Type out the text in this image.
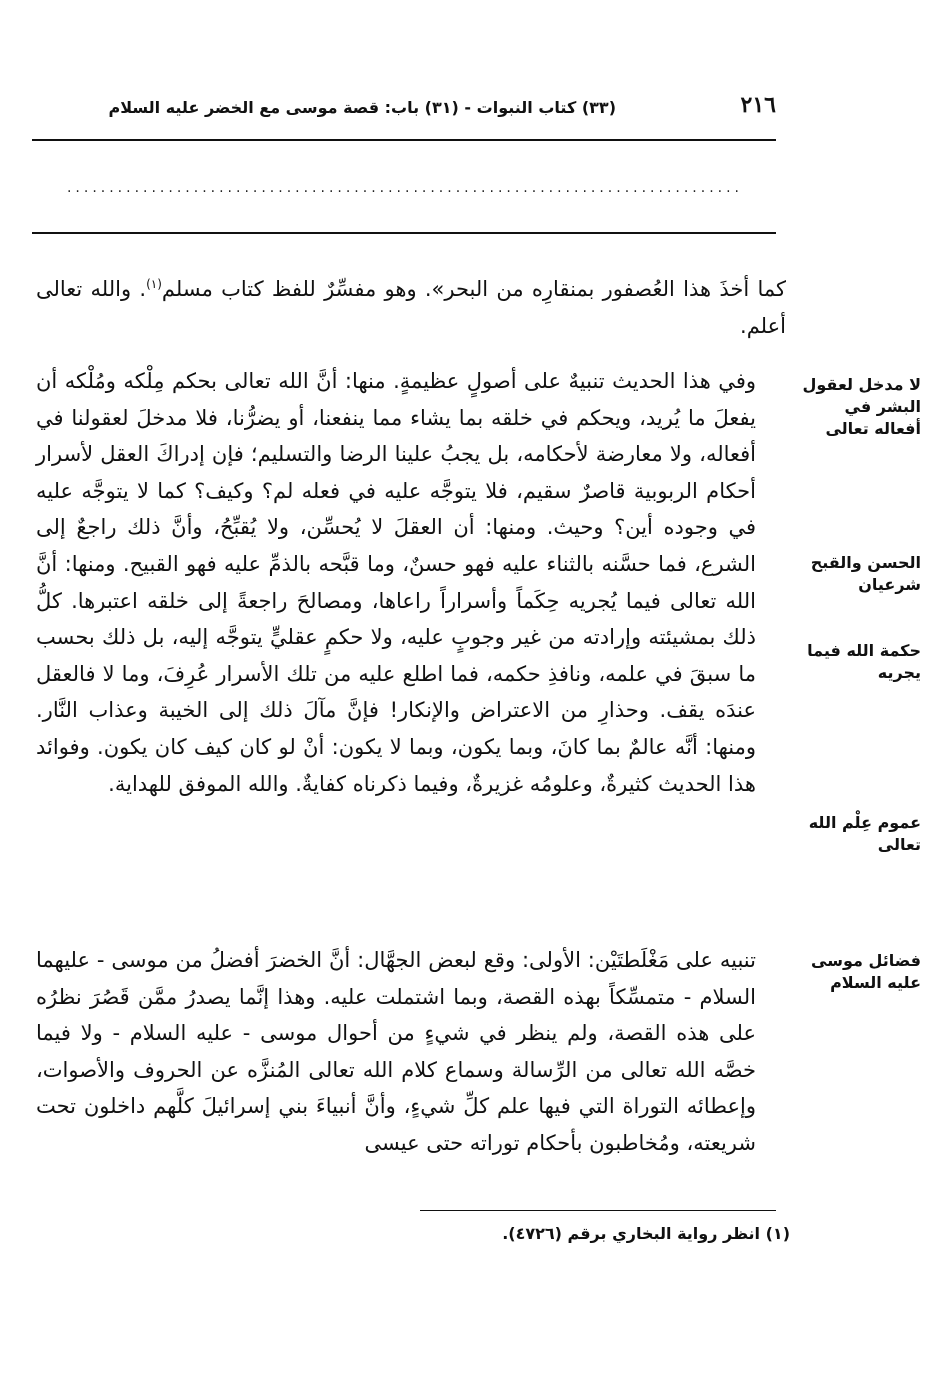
٢١٦
(٣٣) كتاب النبوات - (٣١) باب: قصة موسى مع الخضر عليه السلام
................................................................................

كما أخذَ هذا العُصفور بمنقارِه من البحر». وهو مفسِّرٌ للفظ كتاب مسلم$^{(١)}$. والله تعالى أعلم.

وفي هذا الحديث تنبيهٌ على أصولٍ عظيمةٍ. منها: أنَّ الله تعالى بحكم مِلْكه ومُلْكه أن يفعلَ ما يُريد، ويحكم في خلقه بما يشاء مما ينفعنا، أو يضرُّنا، فلا مدخلَ لعقولنا في أفعاله، ولا معارضة لأحكامه، بل يجبُ علينا الرضا والتسليم؛ فإن إدراكَ العقل لأسرار أحكام الربوبية قاصرٌ سقيم، فلا يتوجَّه عليه في فعله لم؟ وكيف؟ كما لا يتوجَّه عليه في وجوده أين؟ وحيث. ومنها: أن العقلَ لا يُحسِّن، ولا يُقبِّحُ، وأنَّ ذلك راجعٌ إلى الشرع، فما حسَّنه بالثناء عليه فهو حسنٌ، وما قبَّحه بالذمِّ عليه فهو القبيح. ومنها: أنَّ الله تعالى فيما يُجريه حِكَماً وأسراراً راعاها، ومصالحَ راجعةً إلى خلقه اعتبرها. كلُّ ذلك بمشيئته وإرادته من غير وجوبٍ عليه، ولا حكمٍ عقليٍّ يتوجَّه إليه، بل ذلك بحسب ما سبقَ في علمه، ونافذِ حكمه، فما اطلع عليه من تلك الأسرار عُرِفَ، وما لا فالعقل عندَه يقف. وحذارِ من الاعتراض والإنكار! فإنَّ مآلَ ذلك إلى الخيبة وعذاب النَّار. ومنها: أنَّه عالمٌ بما كانَ، وبما يكون، وبما لا يكون: أنْ لو كان كيف كان يكون. وفوائد هذا الحديث كثيرةٌ، وعلومُه غزيرةٌ، وفيما ذكرناه كفايةٌ. والله الموفق للهداية.

تنبيه على مَغْلَطتَيْن: الأولى: وقع لبعض الجهَّال: أنَّ الخضرَ أفضلُ من موسى - عليهما السلام - متمسِّكاً بهذه القصة، وبما اشتملت عليه. وهذا إنَّما يصدرُ ممَّن قَصُرَ نظرُه على هذه القصة، ولم ينظر في شيءٍ من أحوال موسى - عليه السلام - ولا فيما خصَّه الله تعالى من الرِّسالة وسماع كلام الله تعالى المُنزَّه عن الحروف والأصوات، وإعطائه التوراة التي فيها علم كلِّ شيءٍ، وأنَّ أنبياءَ بني إسرائيلَ كلَّهم داخلون تحت شريعته، ومُخاطبون بأحكام توراته حتى عيسى

لا مدخل لعقول البشر في أفعاله تعالى
الحسن والقبح شرعيان
حكمة الله فيما يجريه
عموم عِلْم الله تعالى
فضائل موسى عليه السلام
(١) انظر رواية البخاري برقم (٤٧٢٦).
